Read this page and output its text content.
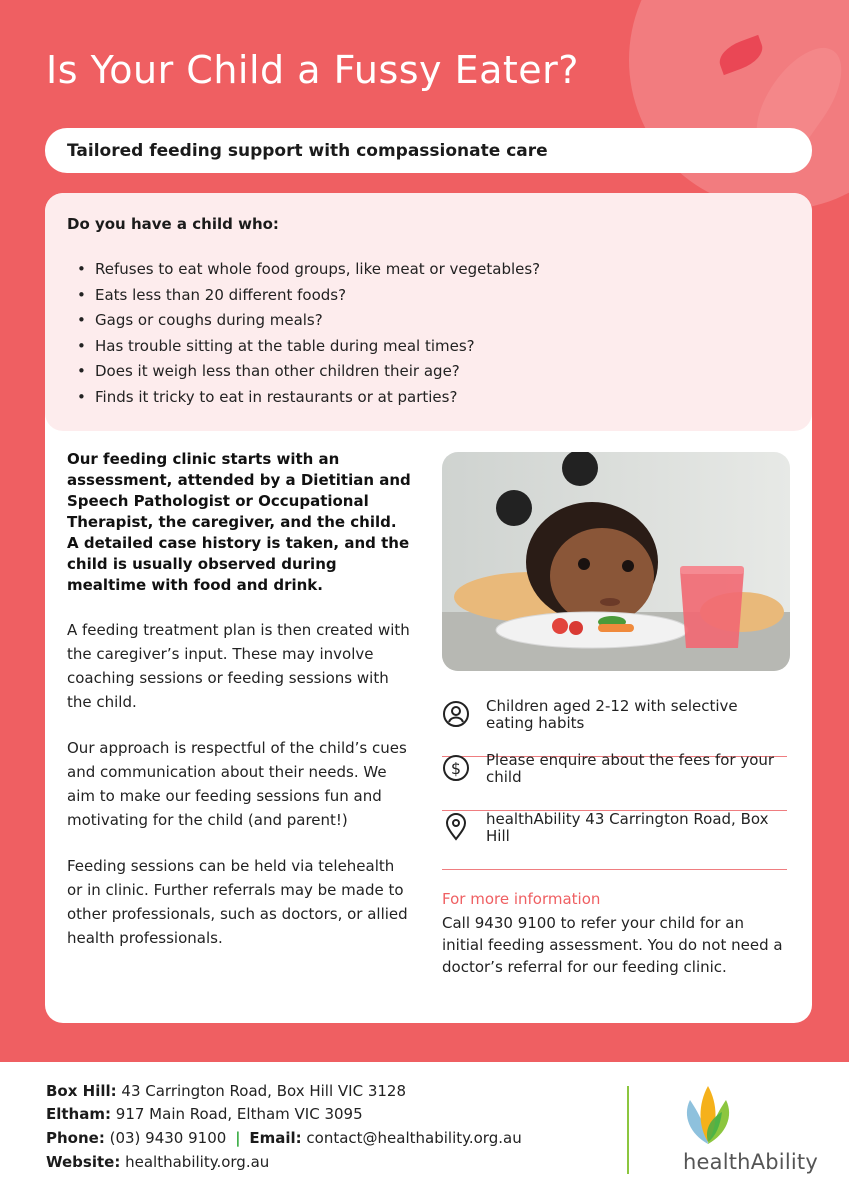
Is Your Child a Fussy Eater?
Tailored feeding support with compassionate care
Do you have a child who:
• Refuses to eat whole food groups, like meat or vegetables?
• Eats less than 20 different foods?
• Gags or coughs during meals?
• Has trouble sitting at the table during meal times?
• Does it weigh less than other children their age?
• Finds it tricky to eat in restaurants or at parties?

Our feeding clinic starts with an assessment, attended by a Dietitian and Speech Pathologist or Occupational Therapist, the caregiver, and the child. A detailed case history is taken, and the child is usually observed during mealtime with food and drink.

A feeding treatment plan is then created with the caregiver’s input. These may involve coaching sessions or feeding sessions with the child.

Our approach is respectful of the child’s cues and communication about their needs. We aim to make our feeding sessions fun and motivating for the child (and parent!)

Feeding sessions can be held via telehealth or in clinic. Further referrals may be made to other professionals, such as doctors, or allied health professionals.

Children aged 2-12 with selective eating habits
$ Please enquire about the fees for your child
healthAbility 43 Carrington Road, Box Hill
For more information

Call 9430 9100 to refer your child for an initial feeding assessment. You do not need a doctor’s referral for our feeding clinic.

Box Hill: 43 Carrington Road, Box Hill VIC 3128
Eltham: 917 Main Road, Eltham VIC 3095
Phone: (03) 9430 9100 | Email: contact@healthability.org.au
Website: healthability.org.au	healthAbility
